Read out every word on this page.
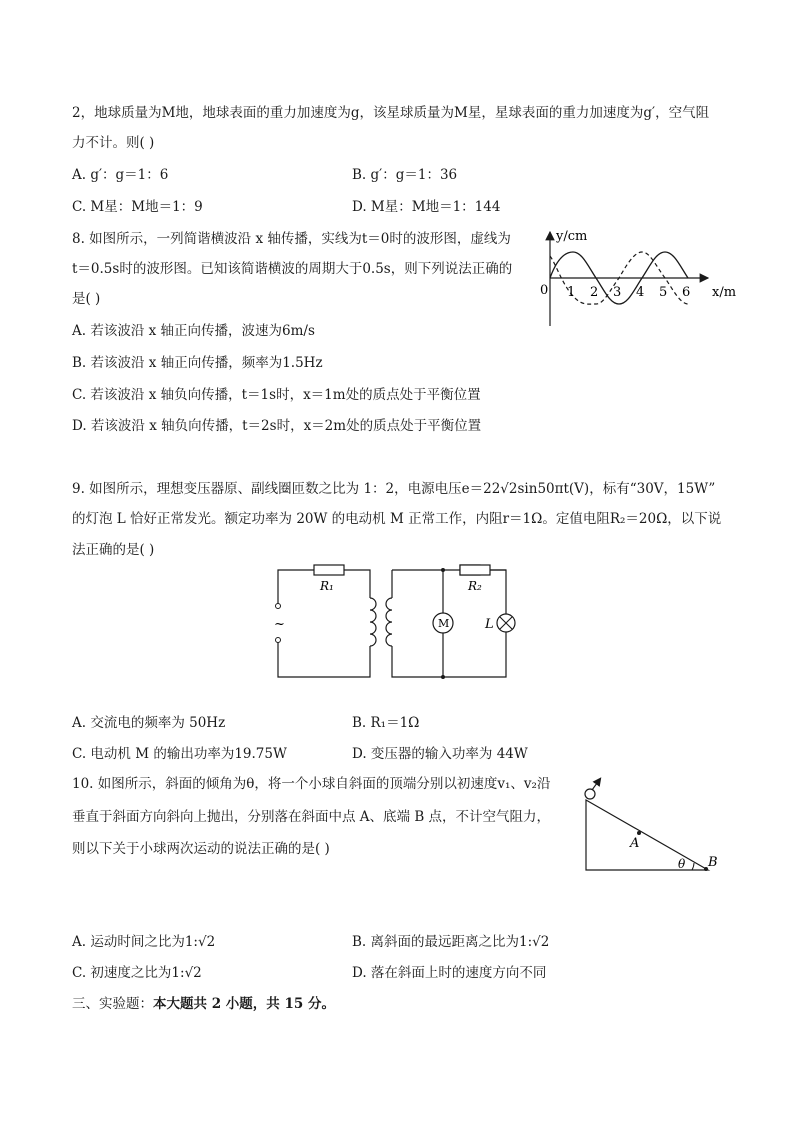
2，地球质量为M地，地球表面的重力加速度为g，该星球质量为M星，星球表面的重力加速度为g′，空气阻
力不计。则( )
A. g′：g＝1：6	B. g′：g＝1：36
C. M星：M地＝1：9	D. M星：M地＝1：144
8. 如图所示，一列简谐横波沿 x 轴传播，实线为t＝0时的波形图，虚线为
t＝0.5s时的波形图。已知该简谐横波的周期大于0.5s，则下列说法正确的
是( )
A. 若该波沿 x 轴正向传播，波速为6m/s
B. 若该波沿 x 轴正向传播，频率为1.5Hz
C. 若该波沿 x 轴负向传播，t＝1s时，x＝1m处的质点处于平衡位置
D. 若该波沿 x 轴负向传播，t＝2s时，x＝2m处的质点处于平衡位置
y/cm
x/m
0 1 2 3 4 5 6
9. 如图所示，理想变压器原、副线圈匝数之比为 1：2，电源电压e＝22√2sin50πt(V)，标有“30V，15W”
的灯泡 L 恰好正常发光。额定功率为 20W 的电动机 M 正常工作，内阻r＝1Ω。定值电阻R₂＝20Ω，以下说
法正确的是( )
R₁	R₂
M	L
~
A. 交流电的频率为 50Hz	B. R₁＝1Ω
C. 电动机 M 的输出功率为19.75W	D. 变压器的输入功率为 44W
10. 如图所示，斜面的倾角为θ，将一个小球自斜面的顶端分别以初速度v₁、v₂沿
垂直于斜面方向斜向上抛出，分别落在斜面中点 A、底端 B 点，不计空气阻力，
则以下关于小球两次运动的说法正确的是( )	A
B
θ
A. 运动时间之比为1:√2	B. 离斜面的最远距离之比为1:√2
C. 初速度之比为1:√2	D. 落在斜面上时的速度方向不同
三、实验题：本大题共 2 小题，共 15 分。
